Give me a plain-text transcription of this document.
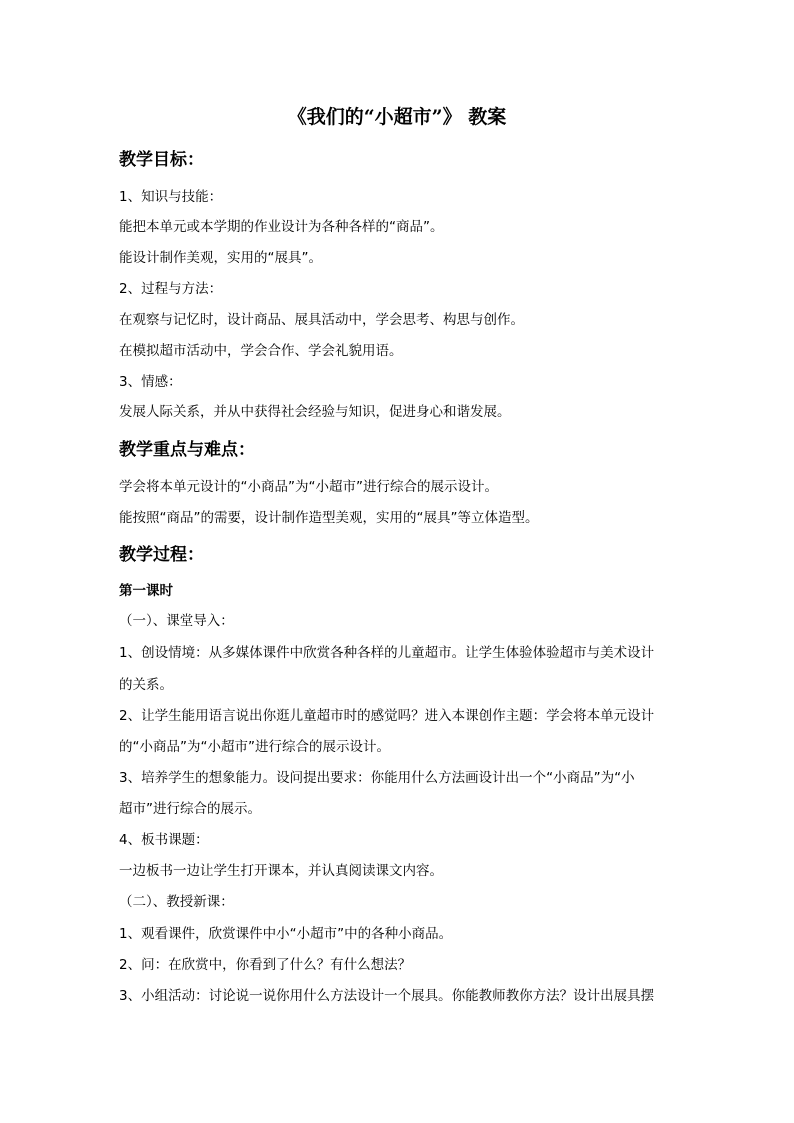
《我们的“小超市”》 教案
教学目标：
1、知识与技能：
能把本单元或本学期的作业设计为各种各样的“商品”。
能设计制作美观，实用的“展具”。
2、过程与方法：
在观察与记忆时，设计商品、展具活动中，学会思考、构思与创作。
在模拟超市活动中，学会合作、学会礼貌用语。
3、情感：
发展人际关系，并从中获得社会经验与知识，促进身心和谐发展。
教学重点与难点：
学会将本单元设计的“小商品”为“小超市”进行综合的展示设计。
能按照“商品”的需要，设计制作造型美观，实用的“展具”等立体造型。
教学过程：
第一课时
（一）、课堂导入：
1、创设情境：从多媒体课件中欣赏各种各样的儿童超市。让学生体验体验超市与美术设计
的关系。
2、让学生能用语言说出你逛儿童超市时的感觉吗？进入本课创作主题：学会将本单元设计
的“小商品”为“小超市”进行综合的展示设计。
3、培养学生的想象能力。设问提出要求：你能用什么方法画设计出一个“小商品”为“小
超市”进行综合的展示。
4、板书课题：
一边板书一边让学生打开课本，并认真阅读课文内容。
（二）、教授新课：
1、观看课件，欣赏课件中小“小超市”中的各种小商品。
2、问：在欣赏中，你看到了什么？有什么想法？
3、小组活动：讨论说一说你用什么方法设计一个展具。你能教师教你方法？设计出展具摆
